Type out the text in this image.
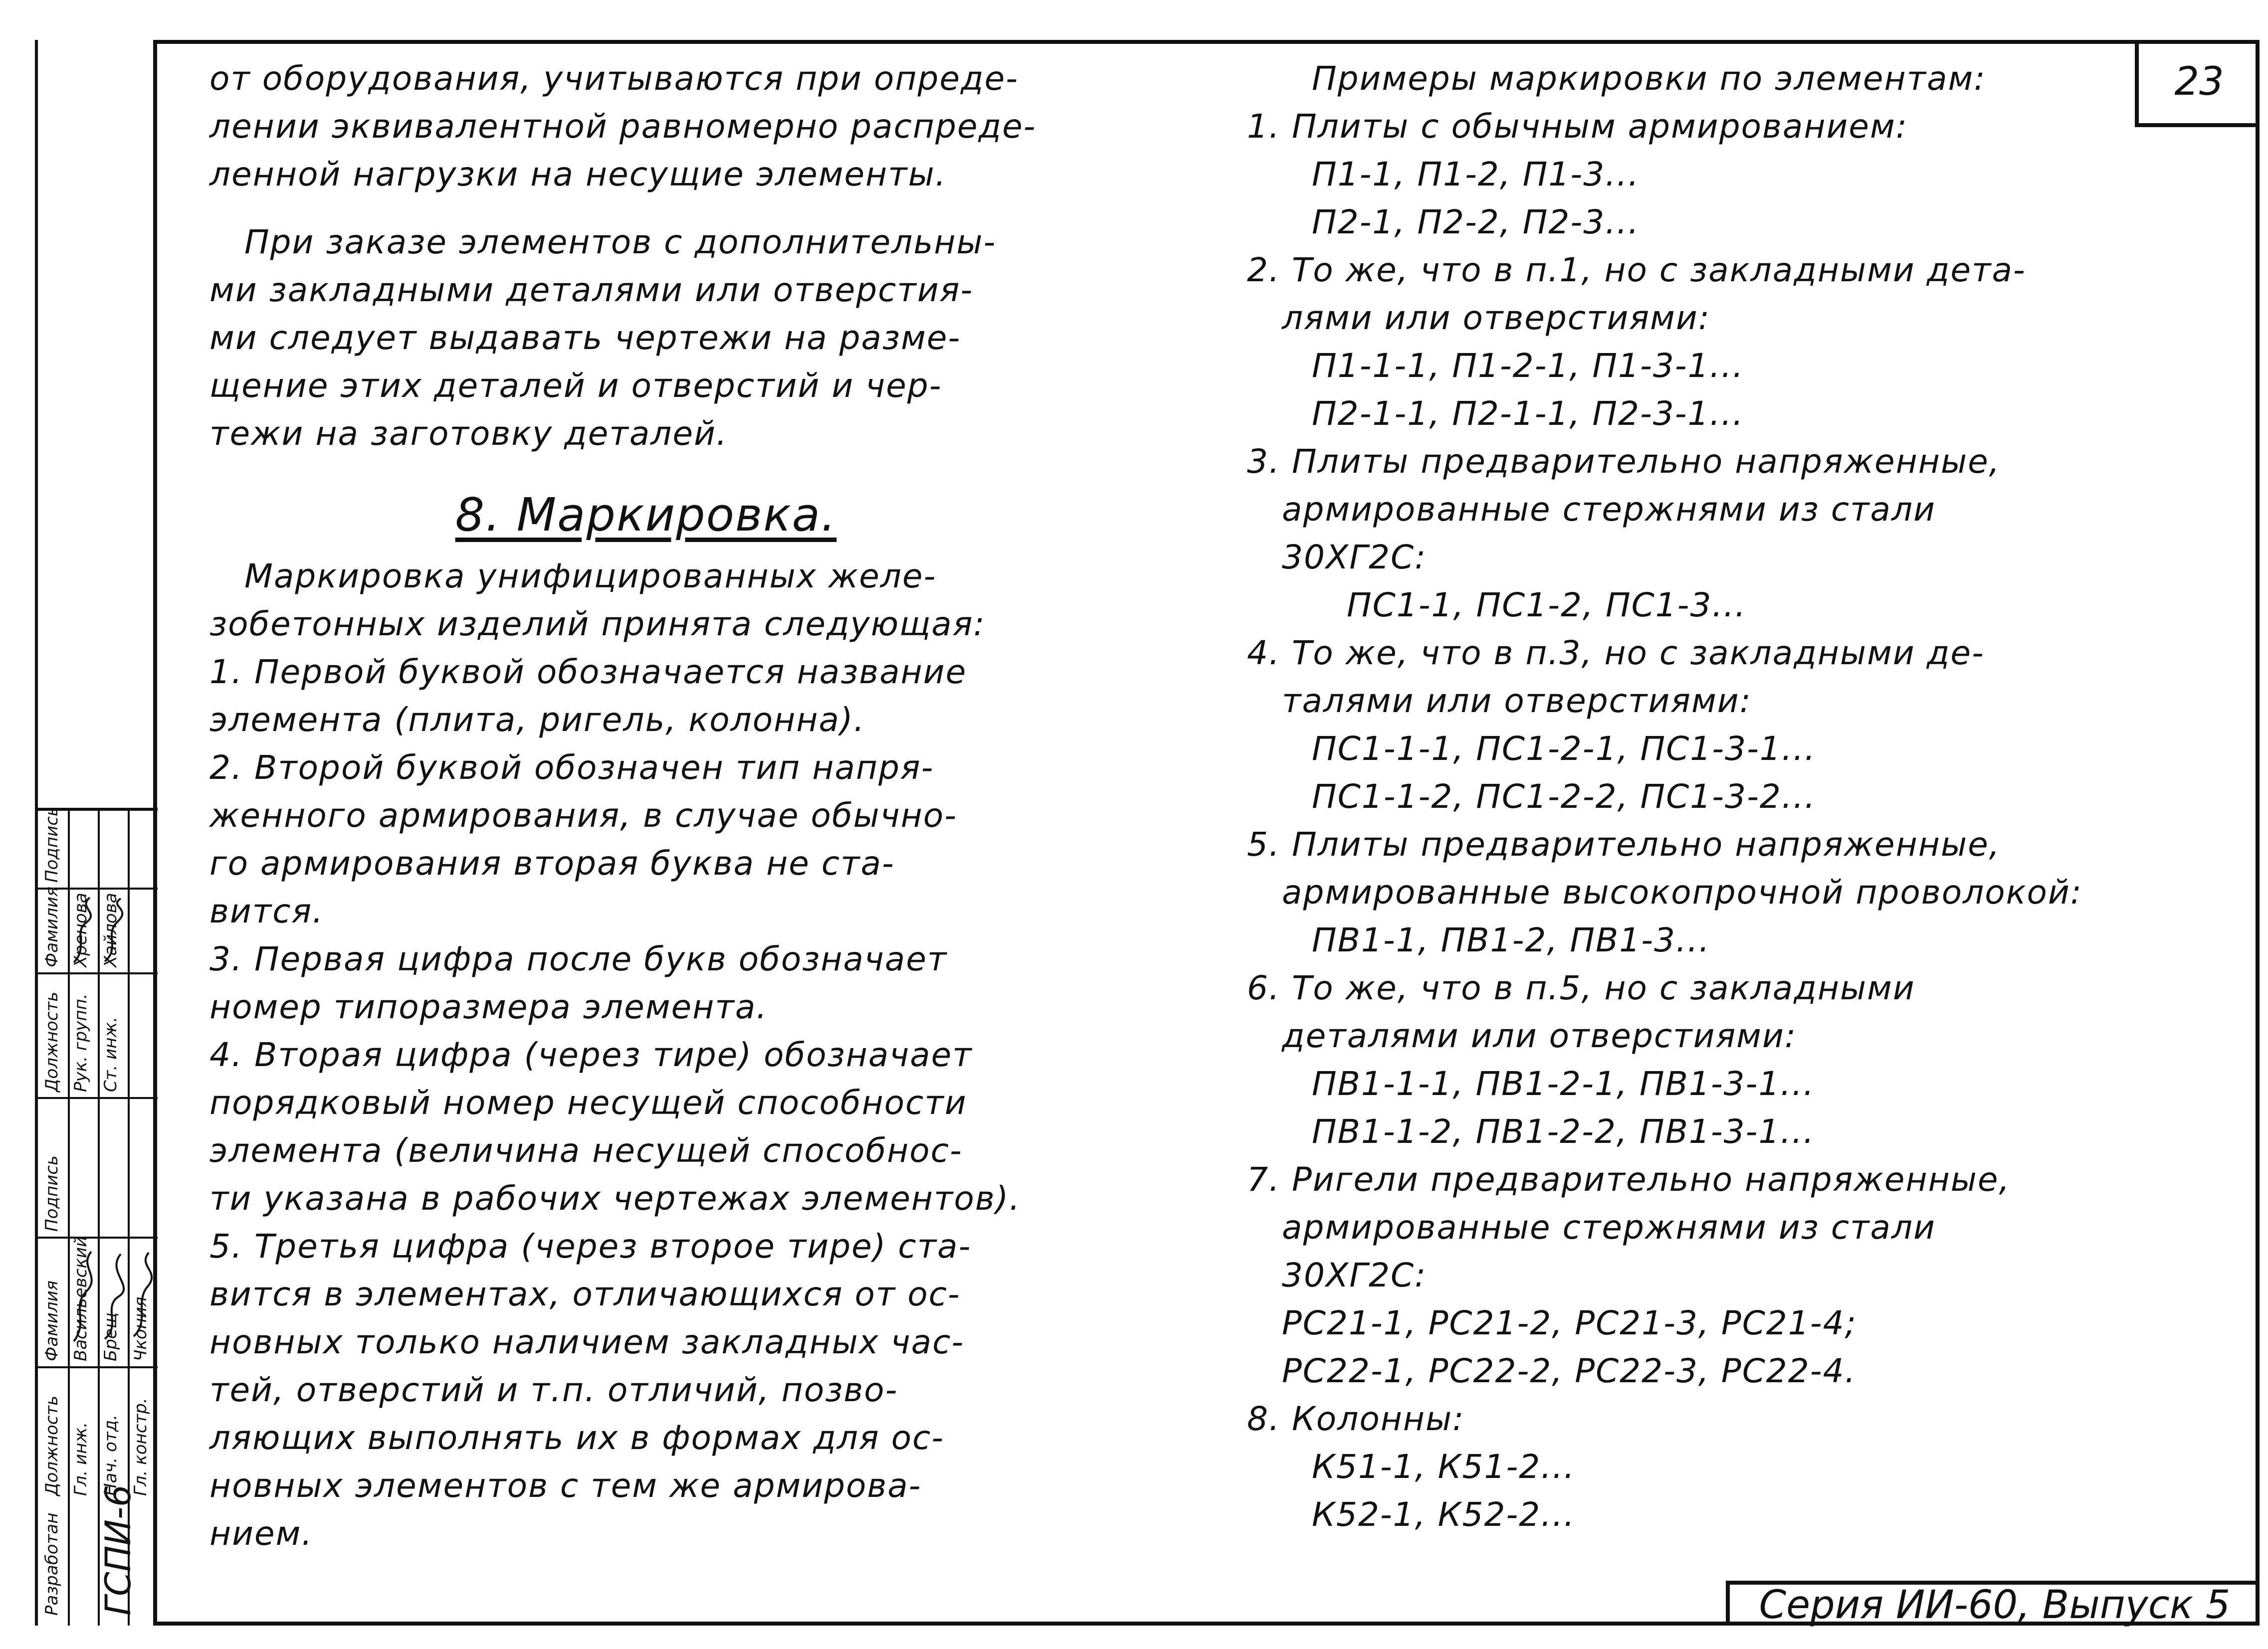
23

от оборудования, учитываются при опреде-

лении эквивалентной равномерно распреде-

ленной нагрузки на несущие элементы.

При заказе элементов с дополнительны-

ми закладными деталями или отверстия-

ми следует выдавать чертежи на разме-

щение этих деталей и отверстий и чер-

тежи на заготовку деталей.

8. Маркировка.

Маркировка унифицированных желе-

зобетонных изделий принята следующая:

1. Первой буквой обозначается название

элемента (плита, ригель, колонна).

2. Второй буквой обозначен тип напря-

женного армирования, в случае обычно-

го армирования вторая буква не ста-

вится.

3. Первая цифра после букв обозначает

номер типоразмера элемента.

4. Вторая цифра (через тире) обозначает

порядковый номер несущей способности

элемента (величина несущей способнос-

ти указана в рабочих чертежах элементов).

5. Третья цифра (через второе тире) ста-

вится в элементах, отличающихся от ос-

новных только наличием закладных час-

тей, отверстий и т.п. отличий, позво-

ляющих выполнять их в формах для ос-

новных элементов с тем же армирова-

нием.

Примеры маркировки по элементам:

1. Плиты с обычным армированием:

П1-1, П1-2, П1-3...

П2-1, П2-2, П2-3...

2. То же, что в п.1, но с закладными дета-

лями или отверстиями:

П1-1-1, П1-2-1, П1-3-1...

П2-1-1, П2-1-1, П2-3-1...

3. Плиты предварительно напряженные,

армированные стержнями из стали

30ХГ2С:

ПС1-1, ПС1-2, ПС1-3...

4. То же, что в п.3, но с закладными де-

талями или отверстиями:

ПС1-1-1, ПС1-2-1, ПС1-3-1...

ПС1-1-2, ПС1-2-2, ПС1-3-2...

5. Плиты предварительно напряженные,

армированные высокопрочной проволокой:

ПВ1-1, ПВ1-2, ПВ1-3...

6. То же, что в п.5, но с закладными

деталями или отверстиями:

ПВ1-1-1, ПВ1-2-1, ПВ1-3-1...

ПВ1-1-2, ПВ1-2-2, ПВ1-3-1...

7. Ригели предварительно напряженные,

армированные стержнями из стали

30ХГ2С:

РС21-1, РС21-2, РС21-3, РС21-4;

РС22-1, РС22-2, РС22-3, РС22-4.

8. Колонны:

К51-1, К51-2...

К52-1, К52-2...

Серия ИИ-60, Выпуск 5
Разработан ГСПИ-6
Должность
Фамилия
Подпись
Должность
Фамилия
Подпись
Гл. инж.
Васильевский
Рук. групп.
Хренова
Нач. отд.
Брещ
Ст. инж.
Хайлова
Гл. констр.
Чкония
